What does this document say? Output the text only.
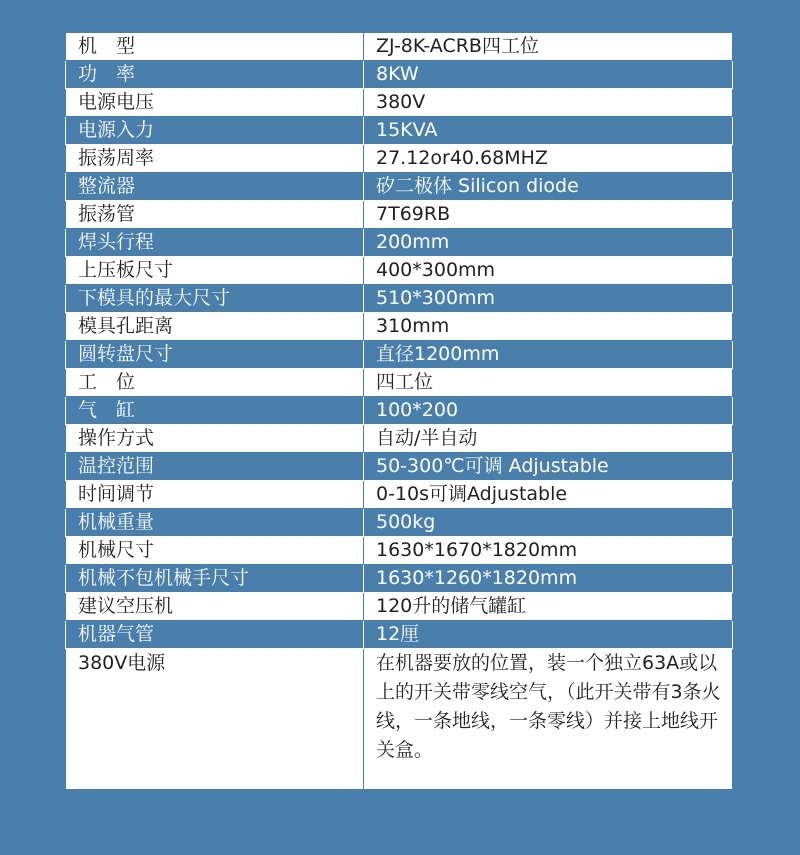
机　型	ZJ-8K-ACRB四工位
功　率	8KW
电源电压	380V
电源入力	15KVA
振荡周率	27.12or40.68MHZ
整流器	矽二极体 Silicon diode
振荡管	7T69RB
焊头行程	200mm
上压板尺寸	400*300mm
下模具的最大尺寸	510*300mm
模具孔距离	310mm
圆转盘尺寸	直径1200mm
工　位	四工位
气　缸	100*200
操作方式	自动/半自动
温控范围	50-300℃可调 Adjustable
时间调节	0-10s可调Adjustable
机械重量	500kg
机械尺寸	1630*1670*1820mm
机械不包机械手尺寸	1630*1260*1820mm
建议空压机	120升的储气罐缸
机器气管	12厘
380V电源	在机器要放的位置，装一个独立63A或以上的开关带零线空气，（此开关带有3条火线，一条地线，一条零线）并接上地线开关盒。
